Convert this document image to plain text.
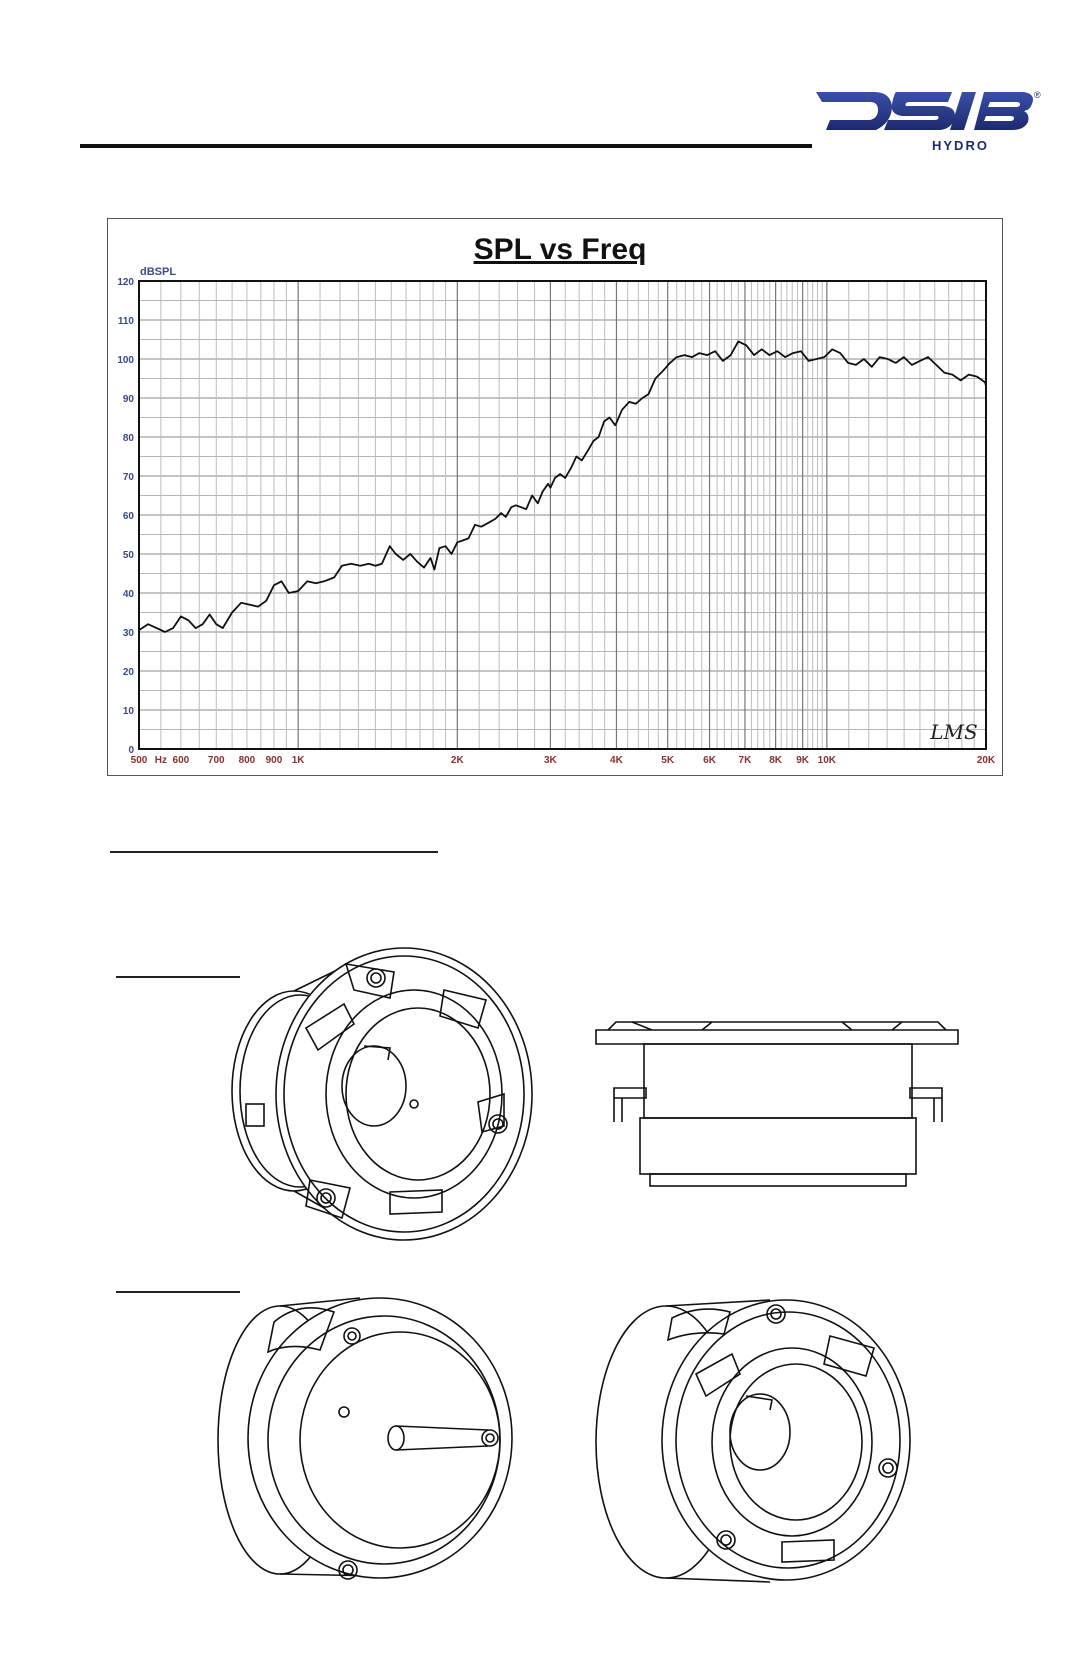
®
HYDRO
SPL vs Freq
dBSPL
0
10
20
30
40
50
60
70
80
90
100
110
120
500 Hz 600 700 800 900 1K	2K	3K	4K	5K	6K 7K 8K 9K 10K	20K
LMS
